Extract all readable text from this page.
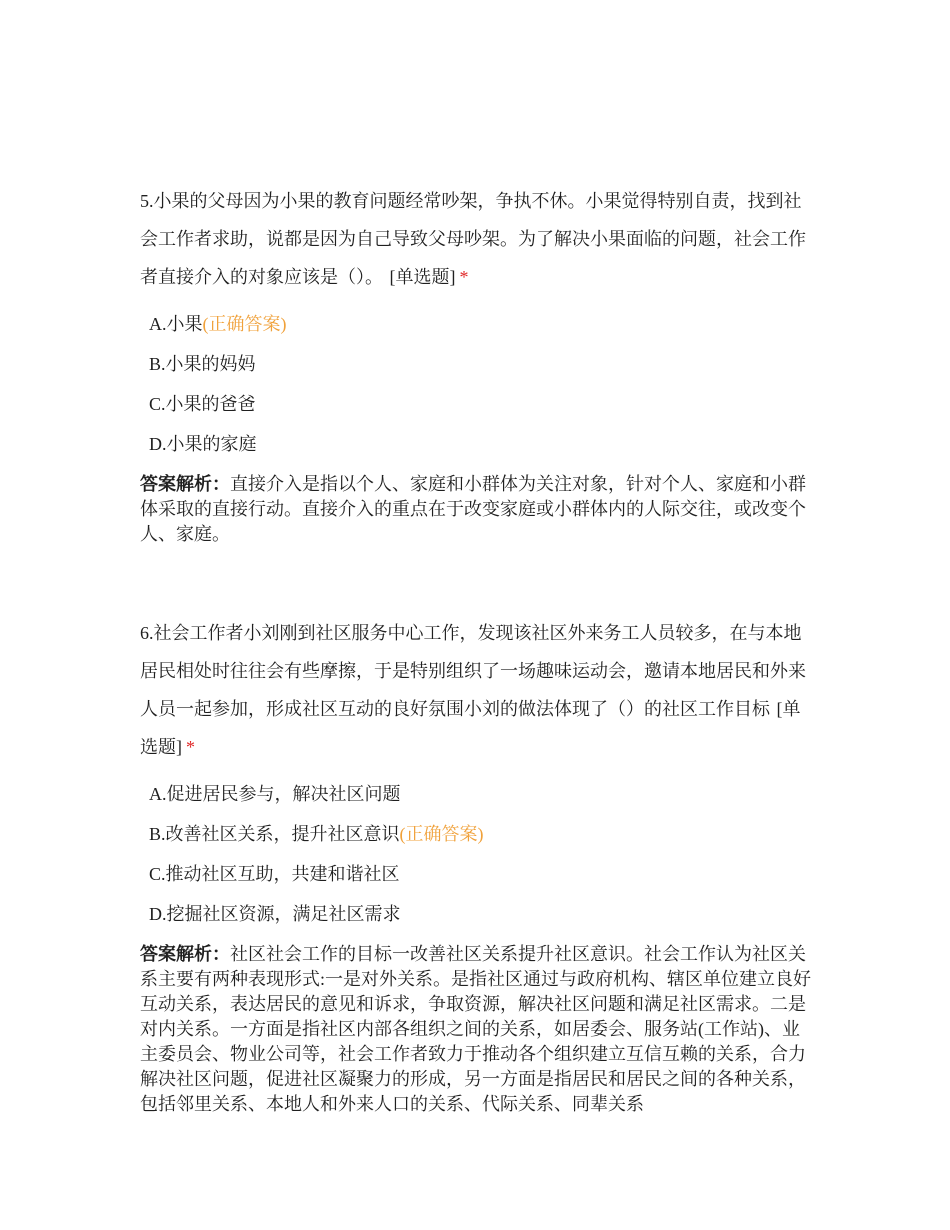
5.小果的父母因为小果的教育问题经常吵架，争执不休。小果觉得特别自责，找到社会工作者求助，说都是因为自己导致父母吵架。为了解决小果面临的问题，社会工作者直接介入的对象应该是（）。 [单选题] *

A.小果(正确答案)
B.小果的妈妈
C.小果的爸爸
D.小果的家庭
答案解析：直接介入是指以个人、家庭和小群体为关注对象，针对个人、家庭和小群体采取的直接行动。直接介入的重点在于改变家庭或小群体内的人际交往，或改变个人、家庭。

6.社会工作者小刘刚到社区服务中心工作，发现该社区外来务工人员较多，在与本地居民相处时往往会有些摩擦，于是特别组织了一场趣味运动会，邀请本地居民和外来人员一起参加，形成社区互动的良好氛围小刘的做法体现了（）的社区工作目标 [单选题] *

A.促进居民参与，解决社区问题
B.改善社区关系，提升社区意识(正确答案)
C.推动社区互助，共建和谐社区
D.挖掘社区资源，满足社区需求
答案解析：社区社会工作的目标一改善社区关系提升社区意识。社会工作认为社区关系主要有两种表现形式:一是对外关系。是指社区通过与政府机构、辖区单位建立良好互动关系，表达居民的意见和诉求，争取资源，解决社区问题和满足社区需求。二是对内关系。一方面是指社区内部各组织之间的关系，如居委会、服务站(工作站)、业主委员会、物业公司等，社会工作者致力于推动各个组织建立互信互赖的关系，合力解决社区问题，促进社区凝聚力的形成，另一方面是指居民和居民之间的各种关系，包括邻里关系、本地人和外来人口的关系、代际关系、同辈关系
